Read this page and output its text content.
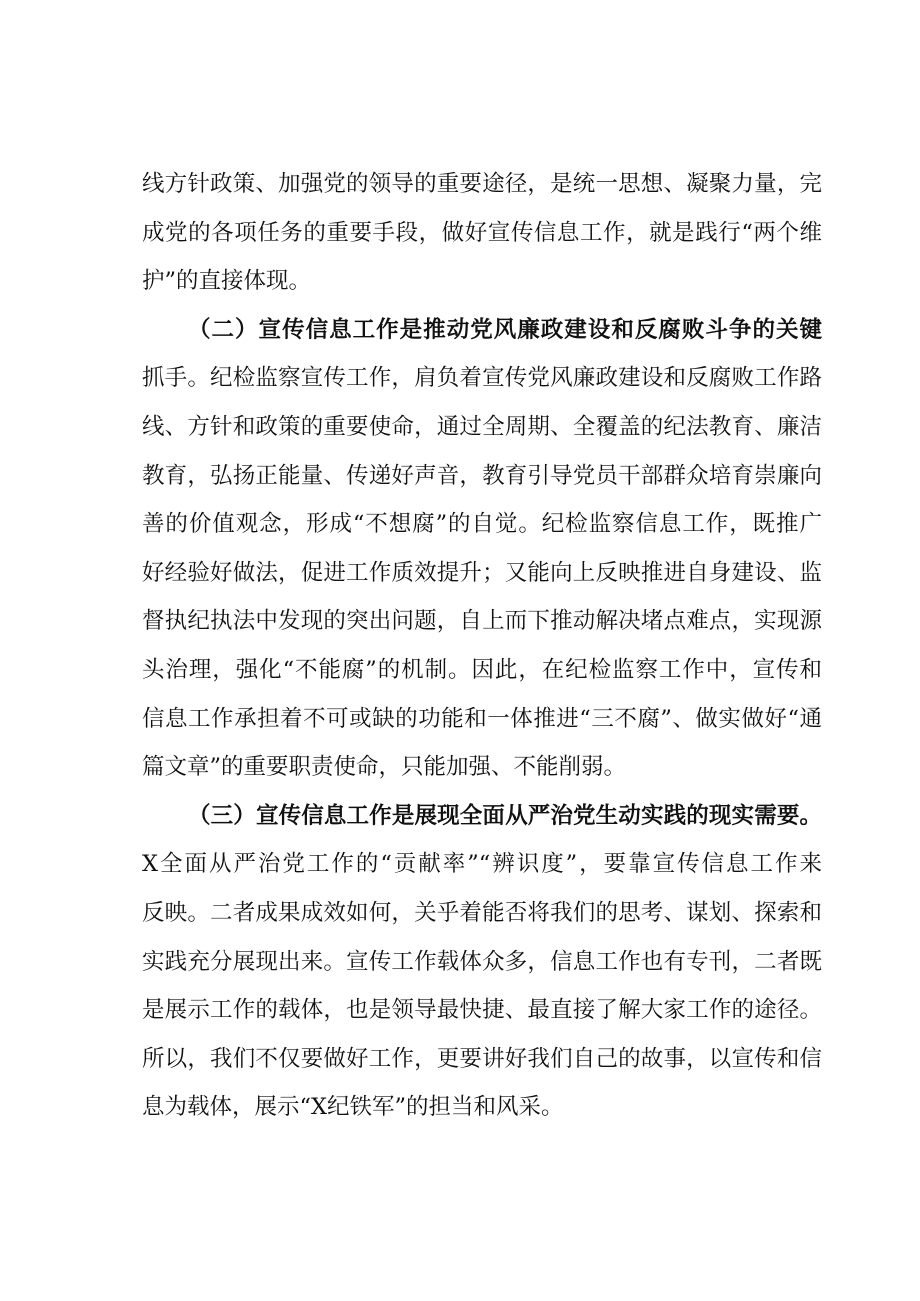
线方针政策、加强党的领导的重要途径，是统一思想、凝聚力量，完
成党的各项任务的重要手段，做好宣传信息工作，就是践行“两个维
护”的直接体现。
（二）宣传信息工作是推动党风廉政建设和反腐败斗争的关键
抓手。纪检监察宣传工作，肩负着宣传党风廉政建设和反腐败工作路
线、方针和政策的重要使命，通过全周期、全覆盖的纪法教育、廉洁
教育，弘扬正能量、传递好声音，教育引导党员干部群众培育崇廉向
善的价值观念，形成“不想腐”的自觉。纪检监察信息工作，既推广
好经验好做法，促进工作质效提升；又能向上反映推进自身建设、监
督执纪执法中发现的突出问题，自上而下推动解决堵点难点，实现源
头治理，强化“不能腐”的机制。因此，在纪检监察工作中，宣传和
信息工作承担着不可或缺的功能和一体推进“三不腐”、做实做好“通
篇文章”的重要职责使命，只能加强、不能削弱。
（三）宣传信息工作是展现全面从严治党生动实践的现实需要。
X全面从严治党工作的“贡献率”“辨识度”，要靠宣传信息工作来
反映。二者成果成效如何，关乎着能否将我们的思考、谋划、探索和
实践充分展现出来。宣传工作载体众多，信息工作也有专刊，二者既
是展示工作的载体，也是领导最快捷、最直接了解大家工作的途径。
所以，我们不仅要做好工作，更要讲好我们自己的故事，以宣传和信
息为载体，展示“X纪铁军”的担当和风采。
